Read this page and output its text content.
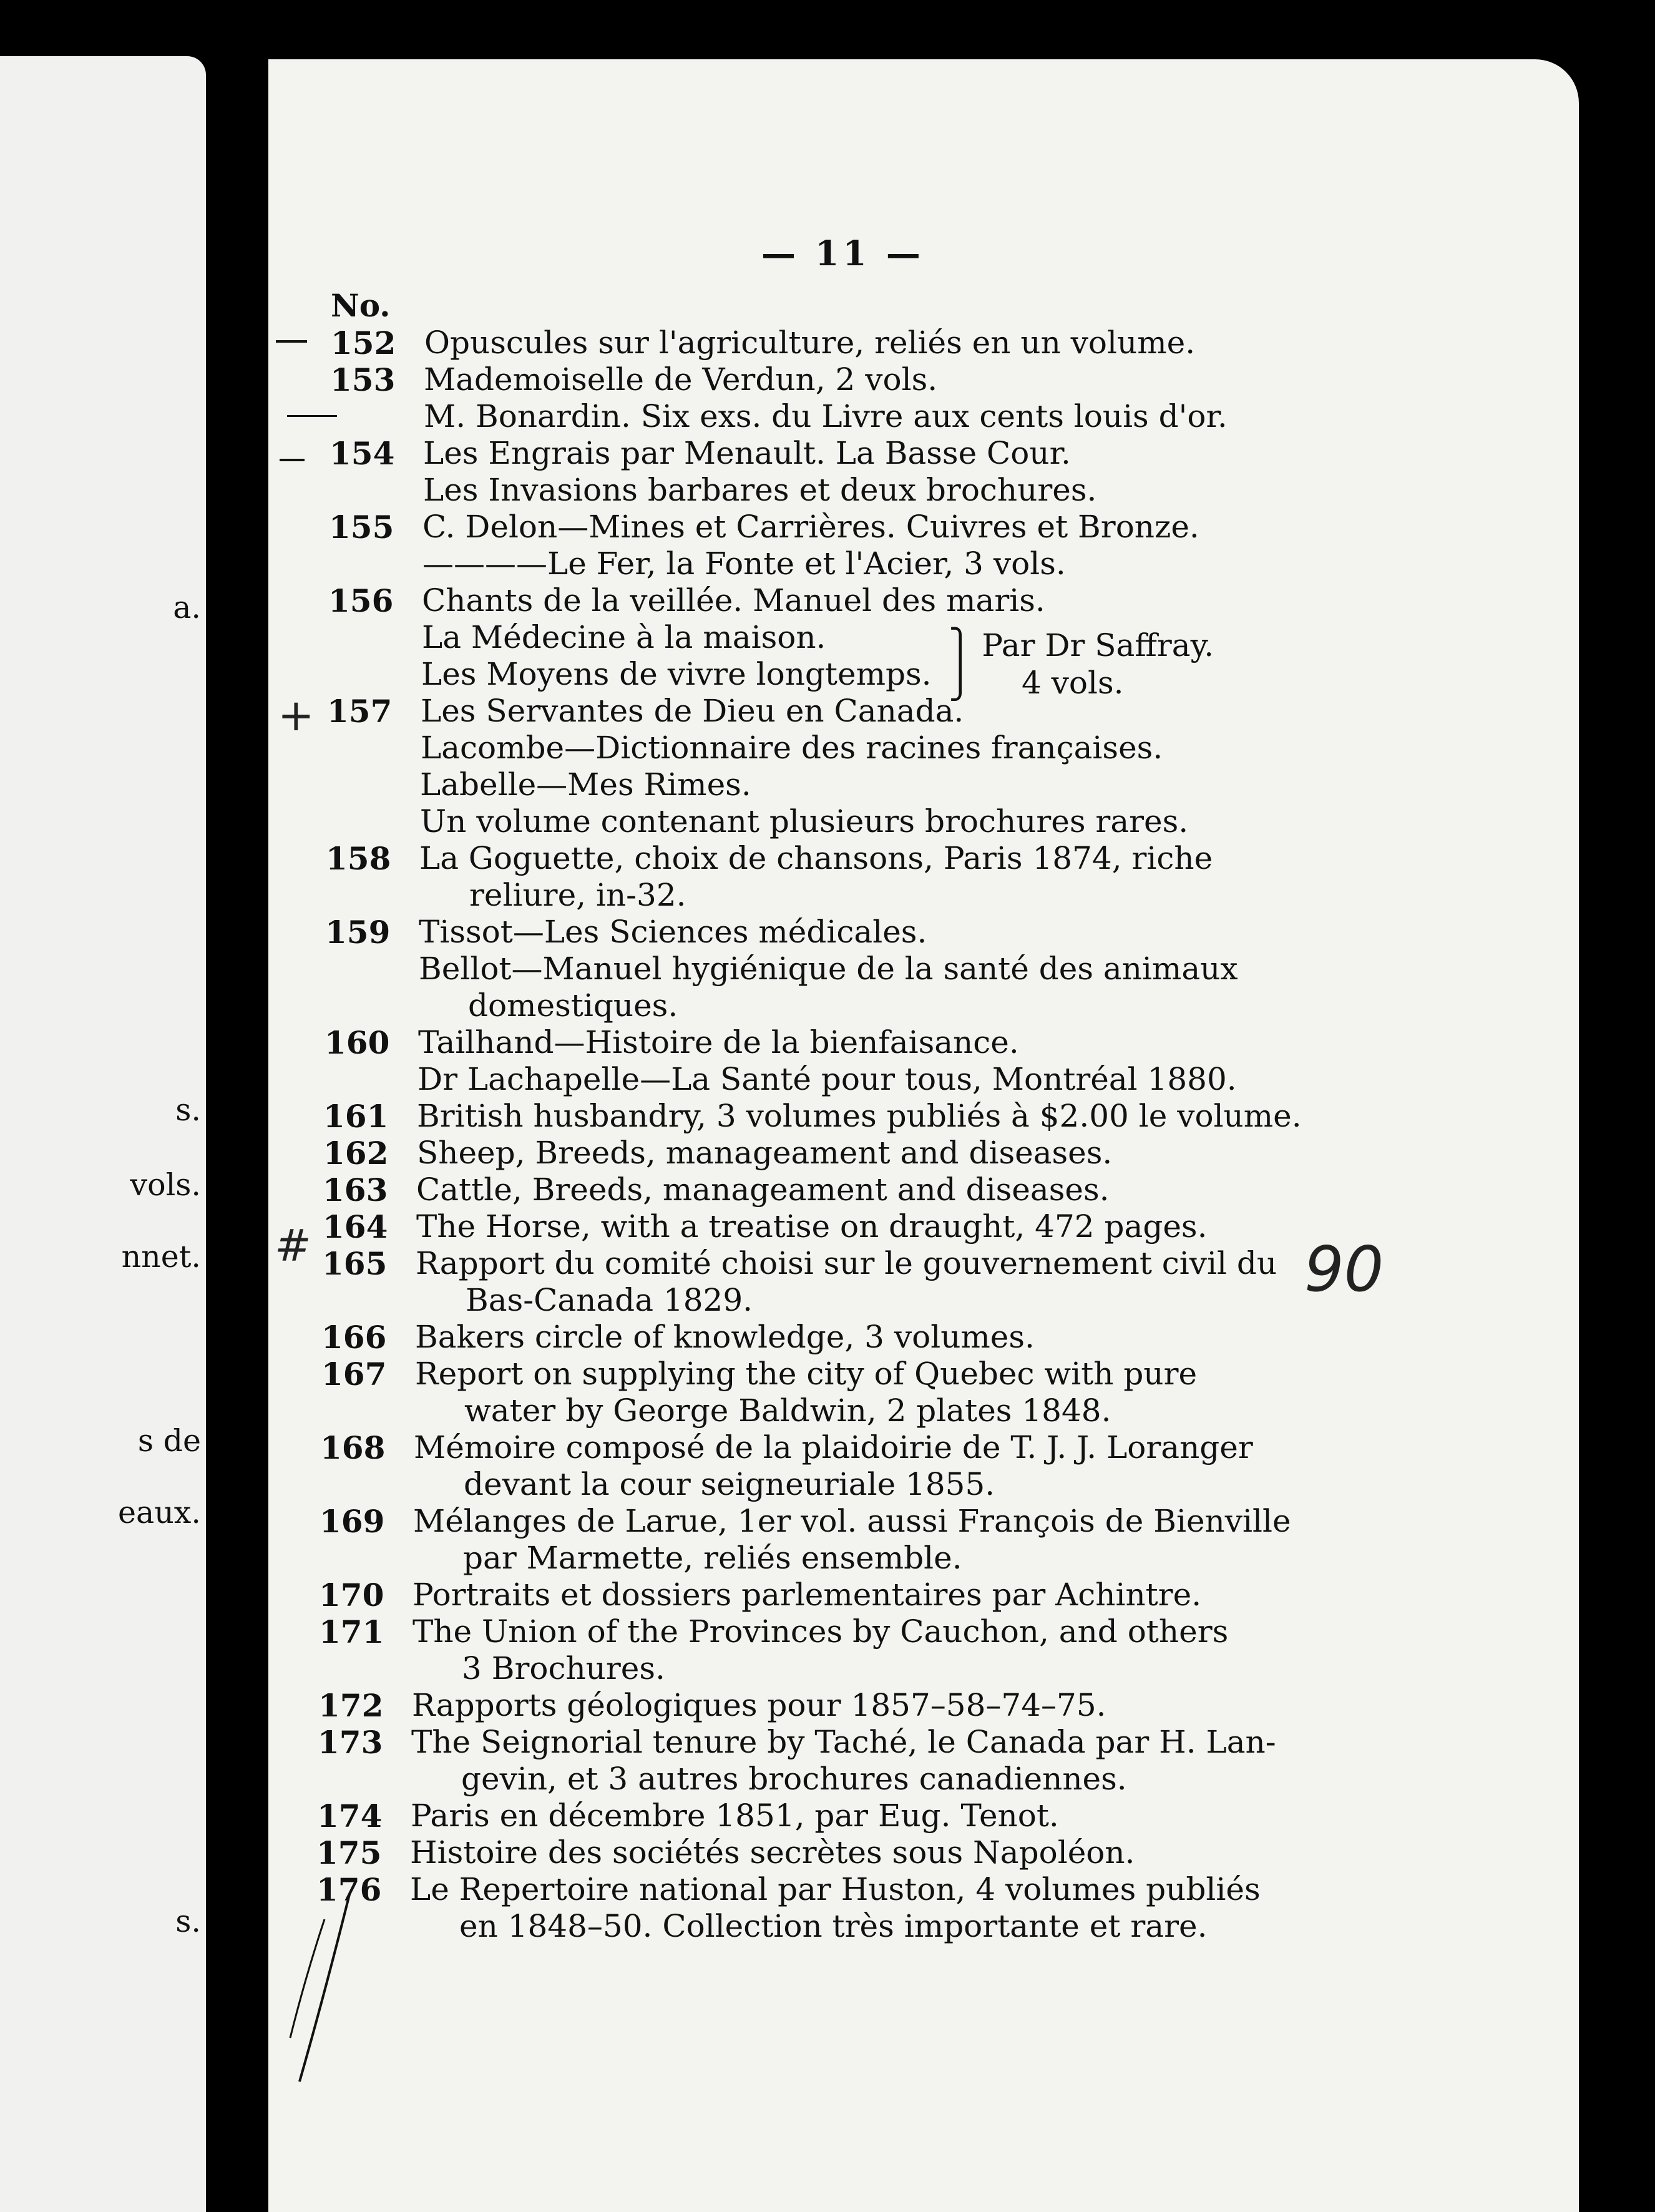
a.
s.
vols.
nnet.
s de
eaux.
s.
— 11 —
No.
152 Opuscules sur l'agriculture, reliés en un volume.
153 Mademoiselle de Verdun, 2 vols.
M. Bonardin. Six exs. du Livre aux cents louis d'or.
154 Les Engrais par Menault. La Basse Cour.
Les Invasions barbares et deux brochures.
155 C. Delon—Mines et Carrières. Cuivres et Bronze.
————Le Fer, la Fonte et l'Acier, 3 vols.
156 Chants de la veillée. Manuel des maris.
La Médecine à la maison.
Les Moyens de vivre longtemps.
157 Les Servantes de Dieu en Canada.
Lacombe—Dictionnaire des racines françaises.
Labelle—Mes Rimes.
Un volume contenant plusieurs brochures rares.
158 La Goguette, choix de chansons, Paris 1874, riche
reliure, in-32.
159 Tissot—Les Sciences médicales.
Bellot—Manuel hygiénique de la santé des animaux
domestiques.
160 Tailhand—Histoire de la bienfaisance.
Dr Lachapelle—La Santé pour tous, Montréal 1880.
161 British husbandry, 3 volumes publiés à $2.00 le volume.
162 Sheep, Breeds, manageament and diseases.
163 Cattle, Breeds, manageament and diseases.
164 The Horse, with a treatise on draught, 472 pages.
165 Rapport du comité choisi sur le gouvernement civil du
Bas-Canada 1829.
166 Bakers circle of knowledge, 3 volumes.
167 Report on supplying the city of Quebec with pure
water by George Baldwin, 2 plates 1848.
168 Mémoire composé de la plaidoirie de T. J. J. Loranger
devant la cour seigneuriale 1855.
169 Mélanges de Larue, 1er vol. aussi François de Bienville
par Marmette, reliés ensemble.
170 Portraits et dossiers parlementaires par Achintre.
171 The Union of the Provinces by Cauchon, and others
3 Brochures.
172 Rapports géologiques pour 1857–58–74–75.
173 The Seignorial tenure by Taché, le Canada par H. Lan-
gevin, et 3 autres brochures canadiennes.
174 Paris en décembre 1851, par Eug. Tenot.
175 Histoire des sociétés secrètes sous Napoléon.
176 Le Repertoire national par Huston, 4 volumes publiés
en 1848–50. Collection très importante et rare.
⎫ Par Dr Saffray.
⎭     4 vols.
+
#	90
